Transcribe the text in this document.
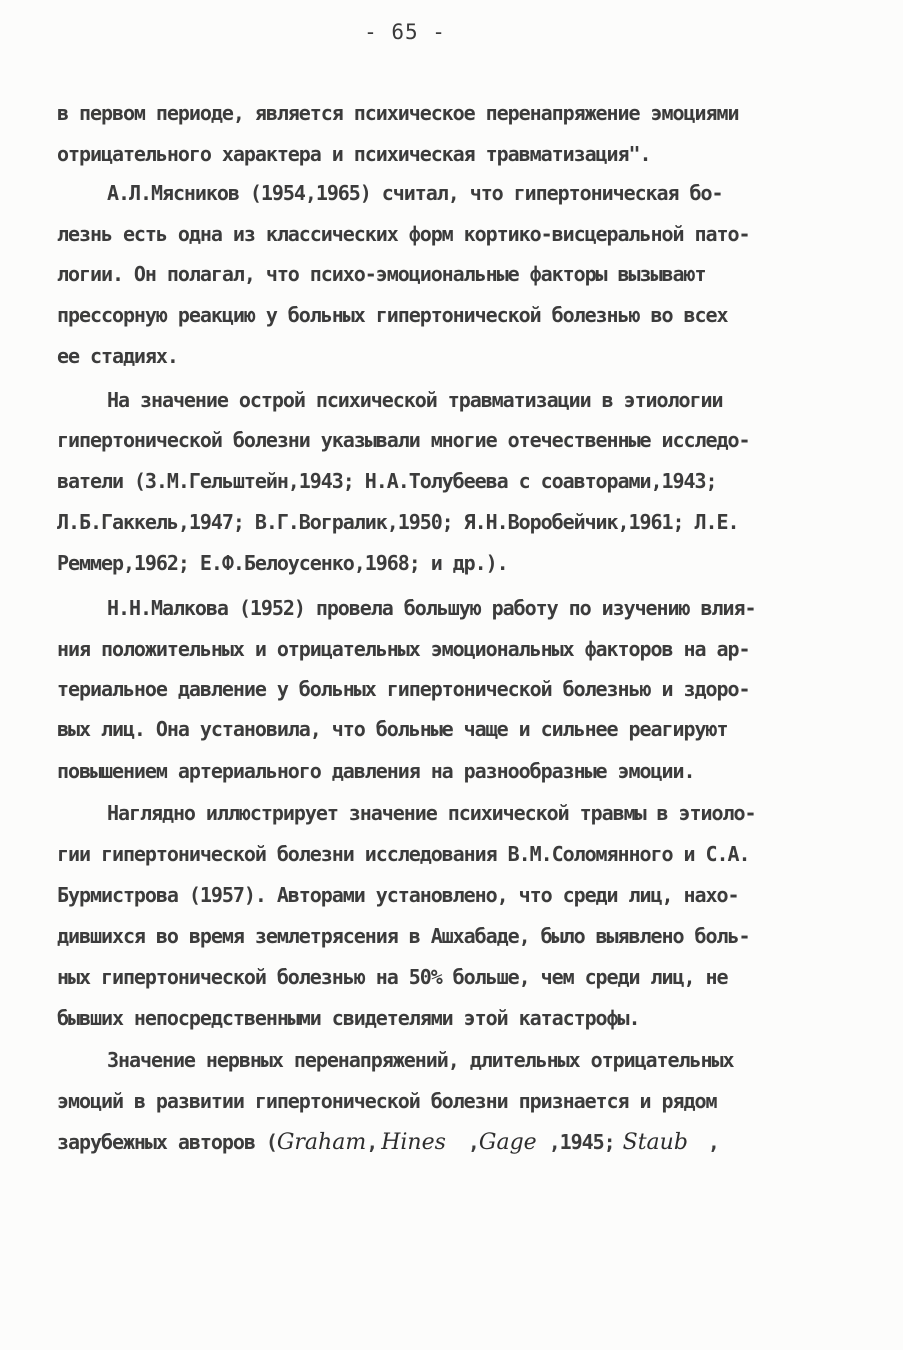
- 65 -
в первом периоде, является психическое перенапряжение эмоциями
отрицательного характера и психическая травматизация".
А.Л.Мясников (1954,1965) считал, что гипертоническая бо-
лезнь есть одна из классических форм кортико-висцеральной пато-
логии. Он полагал, что психо-эмоциональные факторы вызывают
прессорную реакцию у больных гипертонической болезнью во всех
ее стадиях.
На значение острой психической травматизации в этиологии
гипертонической болезни указывали многие отечественные исследо-
ватели (З.М.Гельштейн,1943; Н.А.Толубеева с соавторами,1943;
Л.Б.Гаккель,1947; В.Г.Вогралик,1950; Я.Н.Воробейчик,1961; Л.Е.
Реммер,1962; Е.Ф.Белоусенко,1968; и др.).
Н.Н.Малкова (1952) провела большую работу по изучению влия-
ния положительных и отрицательных эмоциональных факторов на ар-
териальное давление у больных гипертонической болезнью и здоро-
вых лиц. Она установила, что больные чаще и сильнее реагируют
повышением артериального давления на разнообразные эмоции.
Наглядно иллюстрирует значение психической травмы в этиоло-
гии гипертонической болезни исследования В.М.Соломянного и С.А.
Бурмистрова (1957). Авторами установлено, что среди лиц, нахо-
дившихся во время землетрясения в Ашхабаде, было выявлено боль-
ных гипертонической болезнью на 50% больше, чем среди лиц, не
бывших непосредственными свидетелями этой катастрофы.
Значение нервных перенапряжений, длительных отрицательных
эмоций в развитии гипертонической болезни признается и рядом
зарубежных авторов (Graham, Hines ,Gage ,1945; Staub ,
